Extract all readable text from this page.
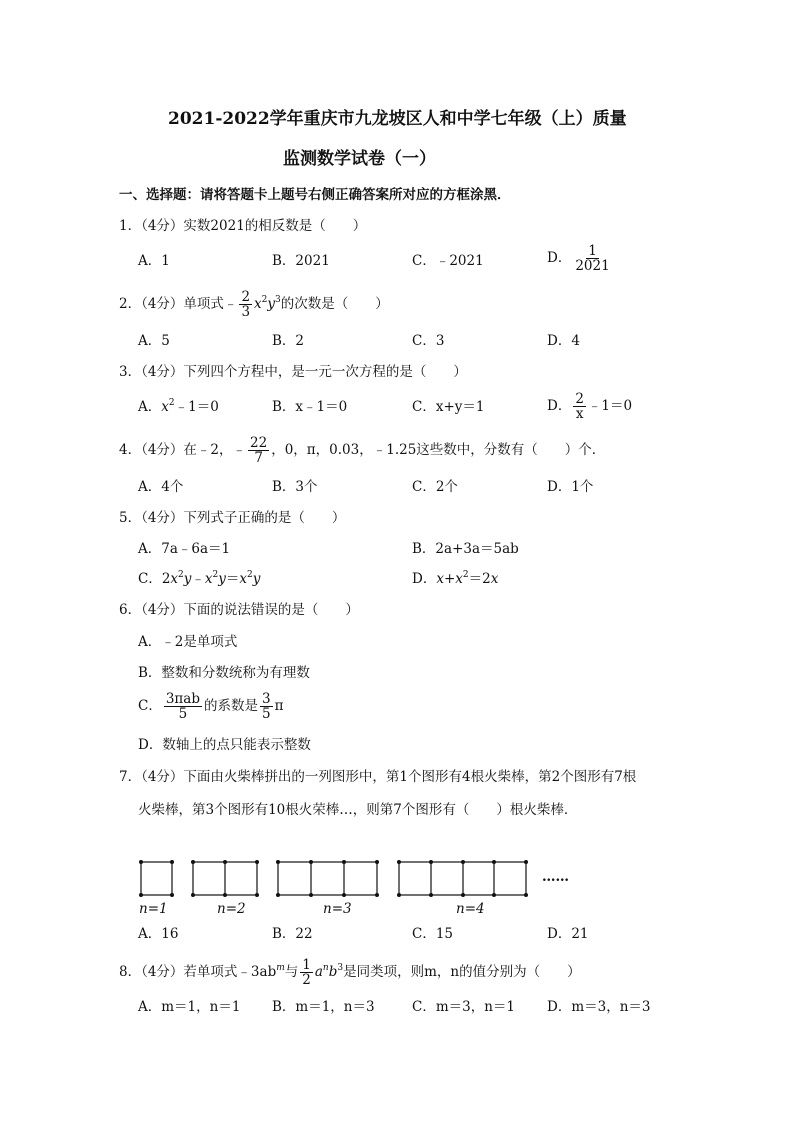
2021-2022学年重庆市九龙坡区人和中学七年级（上）质量
监测数学试卷（一）
一、选择题：请将答题卡上题号右侧正确答案所对应的方框涂黑．
1．（4分）实数2021的相反数是（　　）
A．1	B．2021	C．﹣2021	D． $\frac{1}{2021}$
2．（4分）单项式﹣ $\frac{2}{3} x^2y^3$的次数是（　　）
A．5	B．2	C．3	D．4
3．（4分）下列四个方程中，是一元一次方程的是（　　）
A．$x^2﹣1=0$	B．x﹣1＝0	C．x+y＝1	D． $\frac{2}{x}$ ﹣1＝0
4．（4分）在﹣2，﹣ $\frac{22}{7}$ ，0，π，0.03，﹣1.25这些数中，分数有（　　）个．
A．4个	B．3个	C．2个	D．1个
5．（4分）下列式子正确的是（　　）
A．7a﹣6a＝1	B．2a+3a＝5ab
C．$2x^2y﹣x^2y=x^2y$	D．$x+x^2=2x$
6．（4分）下面的说法错误的是（　　）
A．﹣2是单项式
B．整数和分数统称为有理数
C． $\frac{\text{3πab}}{5}$ 的系数是 $\frac{3}{5}$ π
D．数轴上的点只能表示整数
7．（4分）下面由火柴棒拼出的一列图形中，第1个图形有4根火柴棒，第2个图形有7根
火柴棒，第3个图形有10根火荣棒…，则第7个图形有（　　）根火柴棒．
n=1	n=2	n=3	n=4
……
A．16	B．22	C．15	D．21
8．（4分）若单项式$﹣3ab^m$与 $\frac{1}{2} a^nb^3$是同类项，则m，n的值分别为（　　）
A．m＝1，n＝1 B．m＝1，n＝3	C．m＝3，n＝1 D．m＝3，n＝3
